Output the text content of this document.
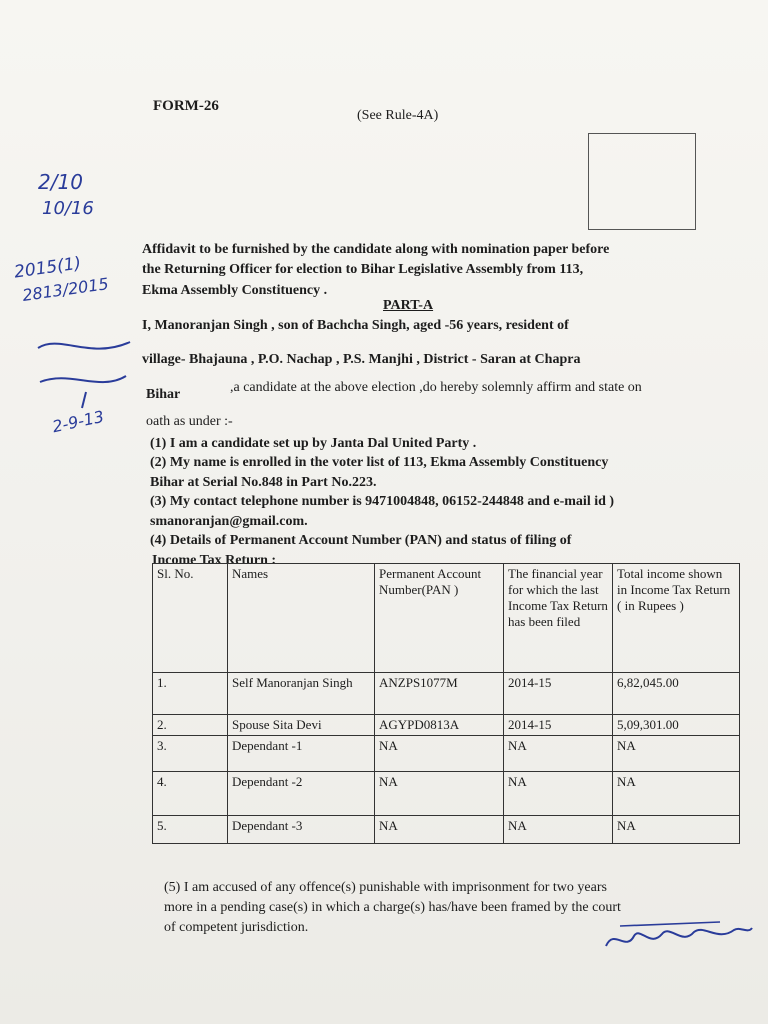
FORM-26
(See Rule-4A)
2/10
10/16
2015(1)
2813/2015
2-9-13
Affidavit to be furnished by the candidate along with nomination paper before
the Returning Officer for election to Bihar Legislative Assembly from 113,
Ekma Assembly Constituency .
PART-A
I, Manoranjan Singh , son of Bachcha Singh, aged -56 years, resident of
village- Bhajauna , P.O. Nachap , P.S. Manjhi , District - Saran at Chapra
Bihar	,a candidate at the above election ,do hereby solemnly affirm and state on
oath as under :-
(1) I am a candidate set up by Janta Dal United Party .
(2) My name is enrolled in the voter list of 113, Ekma Assembly Constituency
Bihar at Serial No.848 in Part No.223.
(3) My contact telephone number is 9471004848, 06152-244848 and e-mail id )
smanoranjan@gmail.com.
(4) Details of Permanent Account Number (PAN) and status of filing of
Income Tax Return :
Sl. No.	Names	Permanent Account Number(PAN )	The financial year for which the last Income Tax Return has been filed	Total income shown in Income Tax Return ( in Rupees )
1.	Self Manoranjan Singh	ANZPS1077M	2014-15	6,82,045.00
2.	Spouse Sita Devi	AGYPD0813A	2014-15	5,09,301.00
3.	Dependant -1	NA	NA	NA
4.	Dependant -2	NA	NA	NA
5.	Dependant -3	NA	NA	NA
(5) I am accused of any offence(s) punishable with imprisonment for two years
more in a pending case(s) in which a charge(s) has/have been framed by the court
of competent jurisdiction.
